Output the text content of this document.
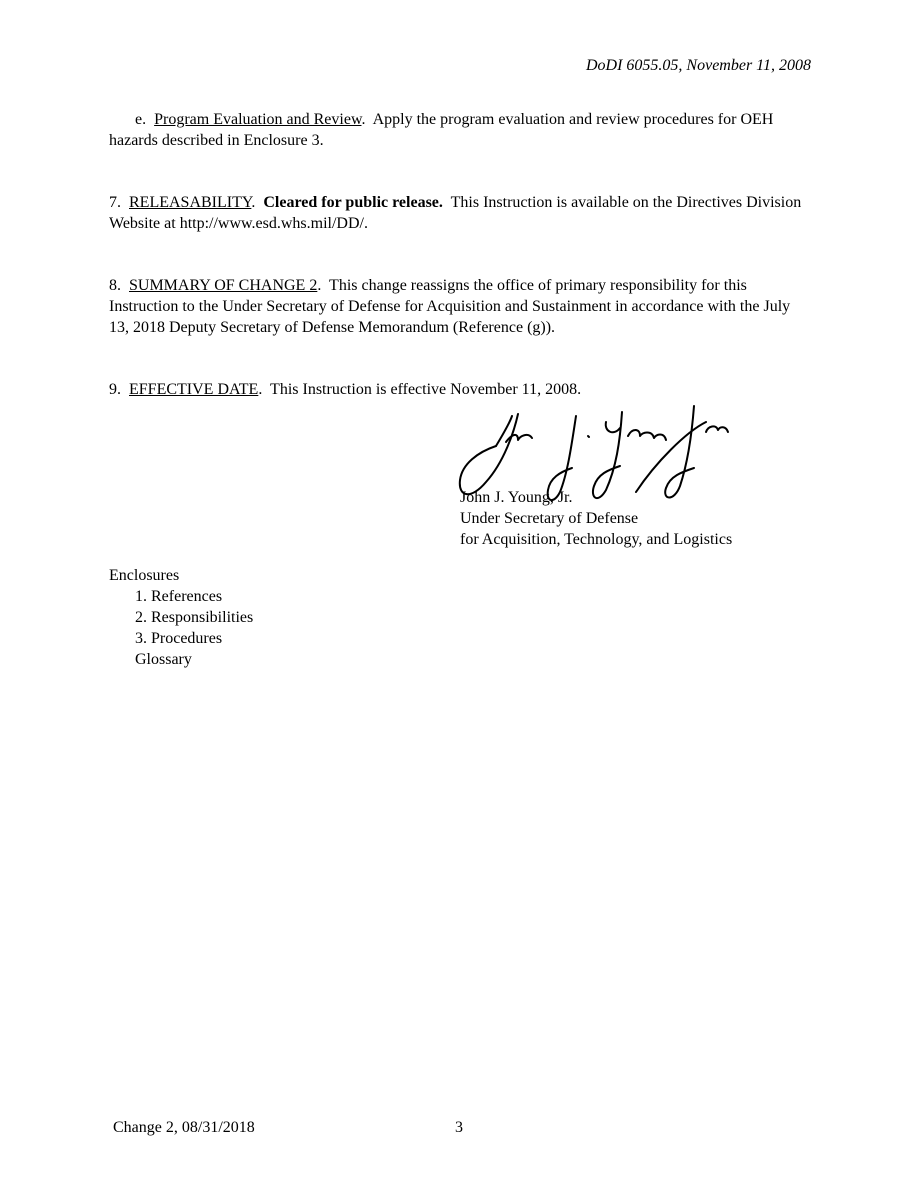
DoDI 6055.05, November 11, 2008
e. Program Evaluation and Review.  Apply the program evaluation and review procedures for OEH hazards described in Enclosure 3.
7. RELEASABILITY.  Cleared for public release. This Instruction is available on the Directives Division Website at http://www.esd.whs.mil/DD/.
8. SUMMARY OF CHANGE 2.  This change reassigns the office of primary responsibility for this Instruction to the Under Secretary of Defense for Acquisition and Sustainment in accordance with the July 13, 2018 Deputy Secretary of Defense Memorandum (Reference (g)).
9. EFFECTIVE DATE.  This Instruction is effective November 11, 2008.
John J. Young, Jr.
Under Secretary of Defense
for Acquisition, Technology, and Logistics
Enclosures
1. References
2. Responsibilities
3. Procedures
Glossary
Change 2, 08/31/2018	3
